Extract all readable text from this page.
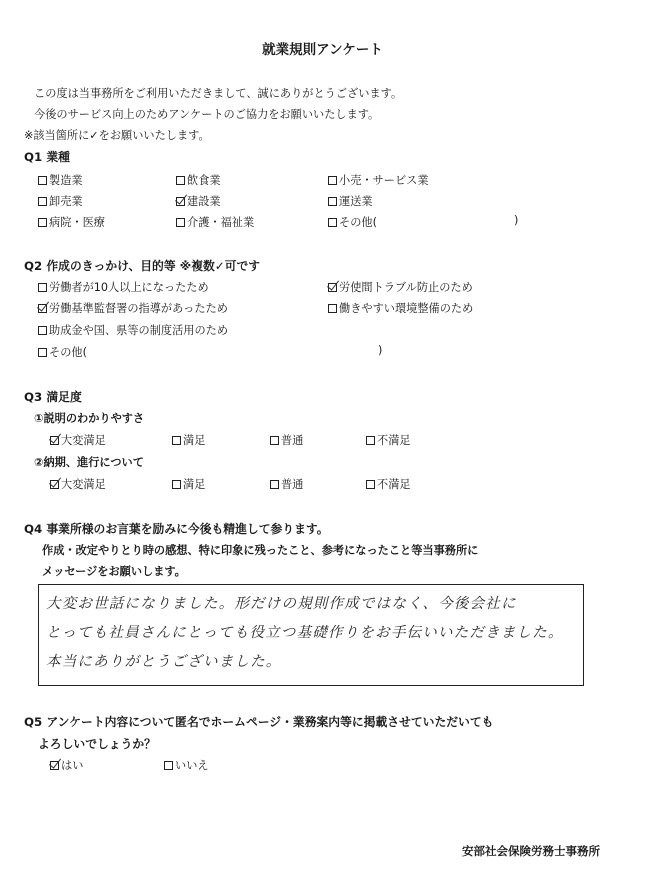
就業規則アンケート
この度は当事務所をご利用いただきまして、誠にありがとうございます。
今後のサービス向上のためアンケートのご協力をお願いいたします。
※該当箇所に✓をお願いいたします。
Q1 業種
製造業	飲食業	小売・サービス業
卸売業	建設業	運送業
病院・医療	介護・福祉業	その他(	)
Q2 作成のきっかけ、目的等 ※複数✓可です
労働者が10人以上になったため	労使間トラブル防止のため
労働基準監督署の指導があったため	働きやすい環境整備のため
助成金や国、県等の制度活用のため
その他(	)
Q3 満足度
①説明のわかりやすさ
大変満足	満足	普通	不満足
②納期、進行について
大変満足	満足	普通	不満足
Q4 事業所様のお言葉を励みに今後も精進して参ります。
作成・改定やりとり時の感想、特に印象に残ったこと、参考になったこと等当事務所に
メッセージをお願いします。
大変お世話になりました。形だけの規則作成ではなく、今後会社に
とっても社員さんにとっても役立つ基礎作りをお手伝いいただきました。
本当にありがとうございました。
Q5 アンケート内容について匿名でホームページ・業務案内等に掲載させていただいても
よろしいでしょうか？
はい	いいえ
安部社会保険労務士事務所
